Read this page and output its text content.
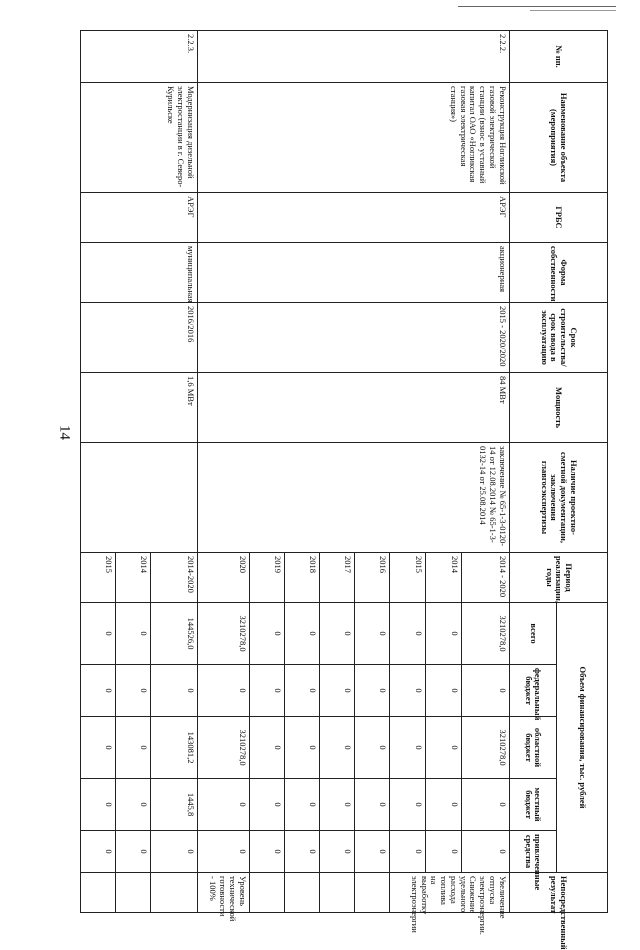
14
№ пп.	Наименование объекта (мероприятия)	ГРБС	Форма собственности	Срок строительства/срок ввода в эксплуатацию	Мощность	Наличие проектно-сметной документации, заключения главгосэкспертизы	Период реализации, годы	Объем финансирования, тыс. рублей					Непосредственный результат
								всего	федеральный бюджет	областной бюджет	местный бюджет	привлеченные средства	
2.2.2.	Реконструкция Ногликской газовой электрической станции (взнос в уставный капитал ОАО «Ногликская газовая электрическая станция»)	АРЭГ	акционерная	2015 - 2020/2020	84 МВт	заключение № 65-1-3-0120-14 от 12.08.2014 № 65-1-3-0132-14 от 25.08.2014	2014 - 2020	3210278,0	0	3210278,0	0	0	Увеличение отпуска электроэнергии. Снижение удельного расхода топлива на выработку электроэнергии
							2014	0	0	0	0	0	
							2015	0	0	0	0	0	
							2016	0	0	0	0	0	
							2017	0	0	0	0	0	
							2018	0	0	0	0	0	
							2019	0	0	0	0	0	
							2020	3210278,0	0	3210278,0	0	0	Уровень технической готовности - 100%
2.2.3.	Модернизация дизельной электростанции в г. Северо-Курильске	АРЭГ	муниципальная	2016/2016	1,6 МВт		2014-2020	144526,0	0	143081,2	1445,8	0	
							2014	0	0	0	0	0	
							2015	0	0	0	0	0	
